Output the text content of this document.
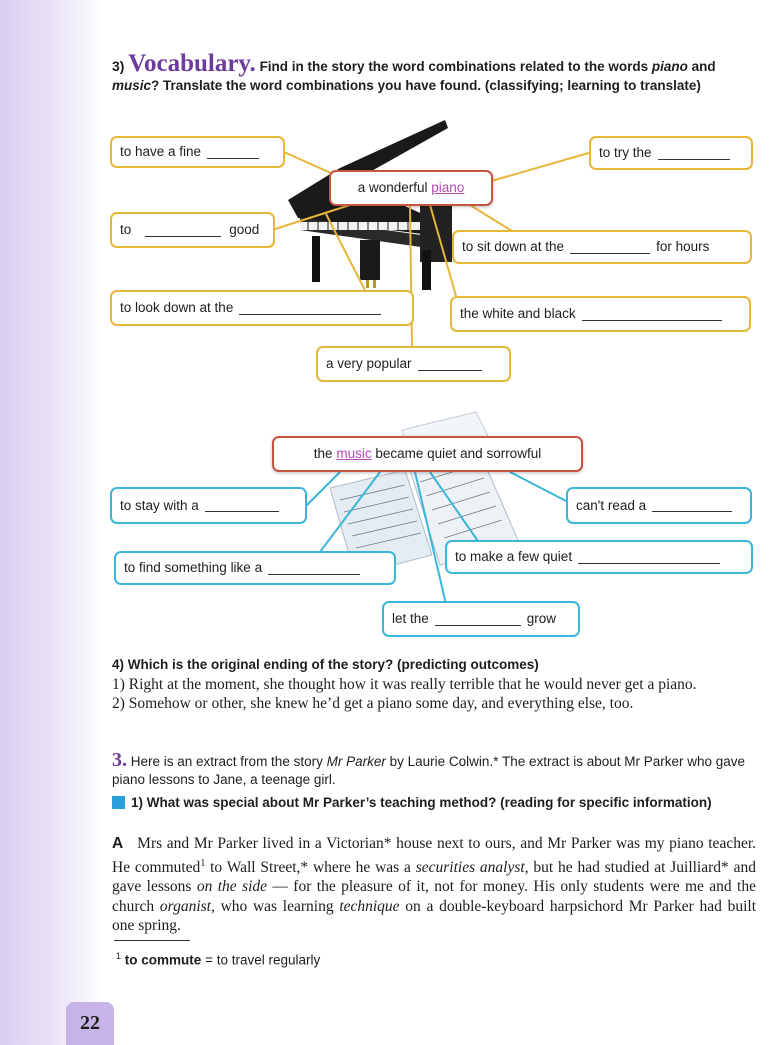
3) Vocabulary. Find in the story the word combinations related to the words piano and music? Translate the word combinations you have found. (classifying; learning to translate)
to have a fine	to try the
a wonderful
piano
to	good
to sit down at the	for hours
to look down at the	the white and black
a very popular
the
music
became quiet and sorrowful
to stay with a	can't read a
to make a few quiet
to find something like a
let the	grow
4) Which is the original ending of the story? (predicting outcomes)
1) Right at the moment, she thought how it was really terrible that he would never get a piano.
2) Somehow or other, she knew he’d get a piano some day, and everything else, too.
3. Here is an extract from the story Mr Parker by Laurie Colwin.* The extract is about Mr Parker who gave piano lessons to Jane, a teenage girl.
1) What was special about Mr Parker’s teaching method? (reading for specific information)
A Mrs and Mr Parker lived in a Victorian* house next to ours, and Mr Parker was my piano teacher. He commuted$^1$ to Wall Street,* where he was a securities analyst, but he had studied at Juilliard* and gave lessons on the side — for the pleasure of it, not for money. His only students were me and the church organist, who was learning technique on a double-keyboard harpsichord Mr Parker had built one spring.
$^1$ to commute = to travel regularly
22
